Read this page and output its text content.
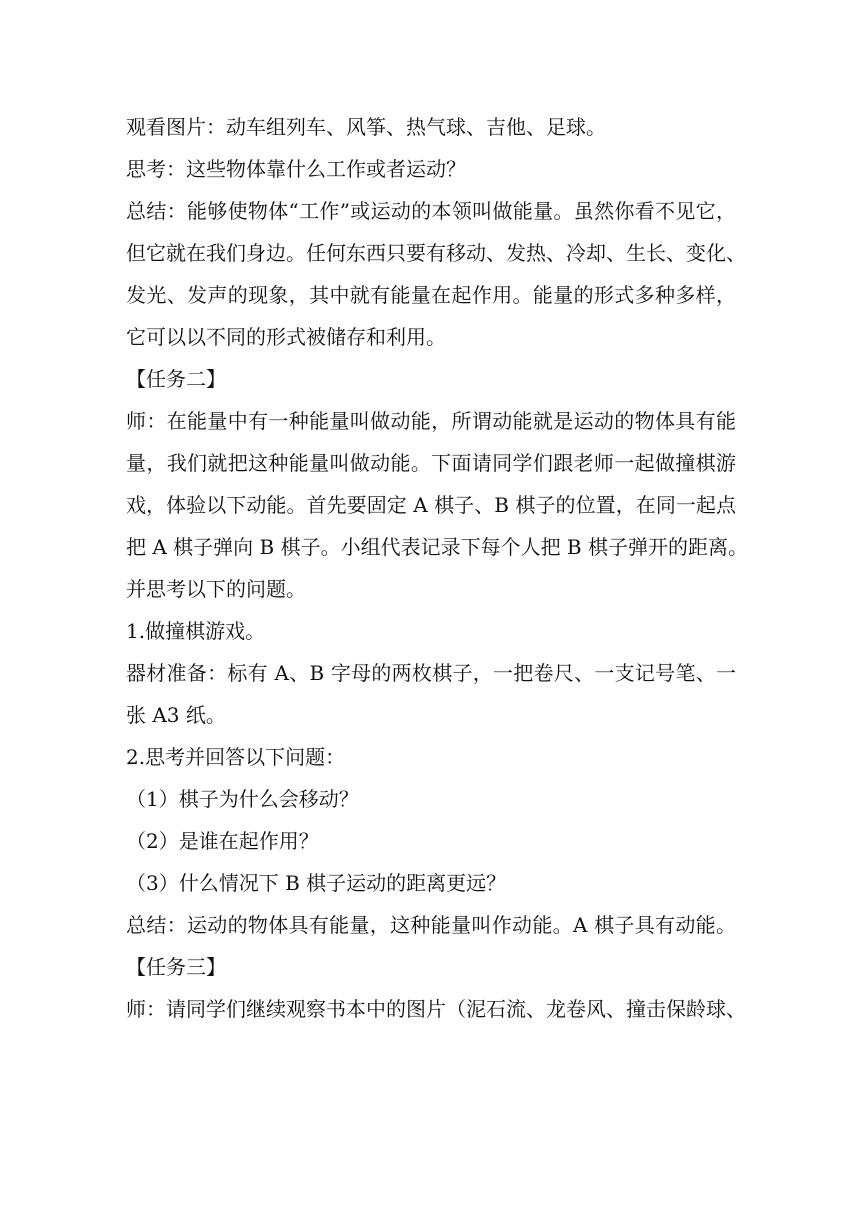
观看图片：动车组列车、风筝、热气球、吉他、足球。
思考：这些物体靠什么工作或者运动？
总结：能够使物体“工作”或运动的本领叫做能量。虽然你看不见它，
但它就在我们身边。任何东西只要有移动、发热、冷却、生长、变化、
发光、发声的现象，其中就有能量在起作用。能量的形式多种多样，
它可以以不同的形式被储存和利用。
【任务二】
师：在能量中有一种能量叫做动能，所谓动能就是运动的物体具有能
量，我们就把这种能量叫做动能。下面请同学们跟老师一起做撞棋游
戏，体验以下动能。首先要固定 A 棋子、B 棋子的位置，在同一起点
把 A 棋子弹向 B 棋子。小组代表记录下每个人把 B 棋子弹开的距离。
并思考以下的问题。
1.做撞棋游戏。
器材准备：标有 A、B 字母的两枚棋子，一把卷尺、一支记号笔、一
张 A3 纸。
2.思考并回答以下问题：
（1）棋子为什么会移动？
（2）是谁在起作用？
（3）什么情况下 B 棋子运动的距离更远？
总结：运动的物体具有能量，这种能量叫作动能。A 棋子具有动能。
【任务三】
师：请同学们继续观察书本中的图片（泥石流、龙卷风、撞击保龄球、
